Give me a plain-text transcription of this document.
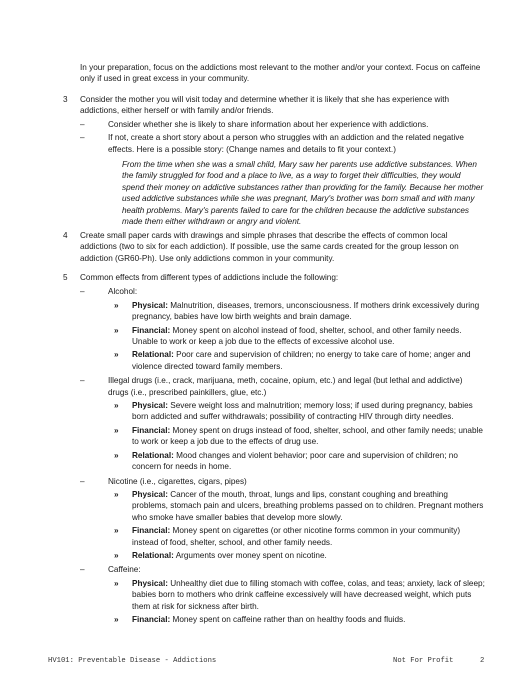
In your preparation, focus on the addictions most relevant to the mother and/or your context. Focus on caffeine only if used in great excess in your community.

3 Consider the mother you will visit today and determine whether it is likely that she has experience with addictions, either herself or with family and/or friends.

–	Consider whether she is likely to share information about her experience with addictions.
–	If not, create a short story about a person who struggles with an addiction and the related negative effects. Here is a possible story: (Change names and details to fit your context.)

From the time when she was a small child, Mary saw her parents use addictive substances. When the family struggled for food and a place to live, as a way to forget their difficulties, they would spend their money on addictive substances rather than providing for the family. Because her mother used addictive substances while she was pregnant, Mary's brother was born small and with many health problems. Mary's parents failed to care for the children because the addictive substances made them either withdrawn or angry and violent.

4 Create small paper cards with drawings and simple phrases that describe the effects of common local addictions (two to six for each addiction). If possible, use the same cards created for the group lesson on addiction (GR60-Ph). Use only addictions common in your community.

5 Common effects from different types of addictions include the following:

–	Alcohol:
»	Physical: Malnutrition, diseases, tremors, unconsciousness. If mothers drink excessively during pregnancy, babies have low birth weights and brain damage.
»	Financial: Money spent on alcohol instead of food, shelter, school, and other family needs. Unable to work or keep a job due to the effects of excessive alcohol use.
»	Relational: Poor care and supervision of children; no energy to take care of home; anger and violence directed toward family members.
–	Illegal drugs (i.e., crack, marijuana, meth, cocaine, opium, etc.) and legal (but lethal and addictive) drugs (i.e., prescribed painkillers, glue, etc.)
»	Physical: Severe weight loss and malnutrition; memory loss; if used during pregnancy, babies born addicted and suffer withdrawals; possibility of contracting HIV through dirty needles.
»	Financial: Money spent on drugs instead of food, shelter, school, and other family needs; unable to work or keep a job due to the effects of drug use.
»	Relational: Mood changes and violent behavior; poor care and supervision of children; no concern for needs in home.
–	Nicotine (i.e., cigarettes, cigars, pipes)
»	Physical: Cancer of the mouth, throat, lungs and lips, constant coughing and breathing problems, stomach pain and ulcers, breathing problems passed on to children. Pregnant mothers who smoke have smaller babies that develop more slowly.
»	Financial: Money spent on cigarettes (or other nicotine forms common in your community) instead of food, shelter, school, and other family needs.
»	Relational: Arguments over money spent on nicotine.
–	Caffeine:
»	Physical: Unhealthy diet due to filling stomach with coffee, colas, and teas; anxiety, lack of sleep; babies born to mothers who drink caffeine excessively will have decreased weight, which puts them at risk for sickness after birth.
»	Financial: Money spent on caffeine rather than on healthy foods and fluids.
HV101: Preventable Disease - Addictions	Not For Profit	2
